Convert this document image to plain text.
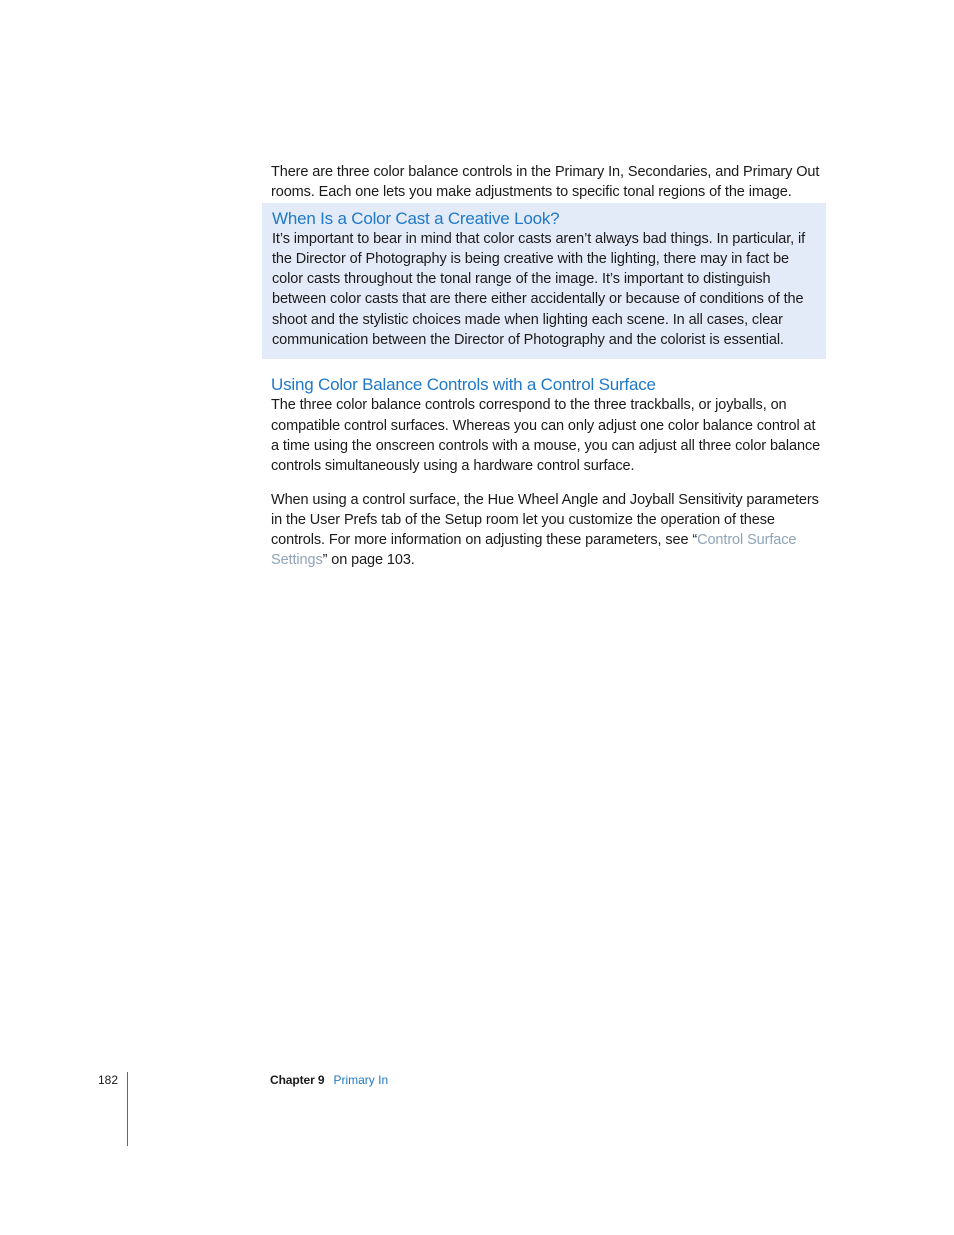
There are three color balance controls in the Primary In, Secondaries, and Primary Out rooms. Each one lets you make adjustments to specific tonal regions of the image.

When Is a Color Cast a Creative Look?

It’s important to bear in mind that color casts aren’t always bad things. In particular, if the Director of Photography is being creative with the lighting, there may in fact be color casts throughout the tonal range of the image. It’s important to distinguish between color casts that are there either accidentally or because of conditions of the shoot and the stylistic choices made when lighting each scene. In all cases, clear communication between the Director of Photography and the colorist is essential.

Using Color Balance Controls with a Control Surface

The three color balance controls correspond to the three trackballs, or joyballs, on compatible control surfaces. Whereas you can only adjust one color balance control at a time using the onscreen controls with a mouse, you can adjust all three color balance controls simultaneously using a hardware control surface.

When using a control surface, the Hue Wheel Angle and Joyball Sensitivity parameters in the User Prefs tab of the Setup room let you customize the operation of these controls. For more information on adjusting these parameters, see “Control Surface Settings” on page 103.

182	Chapter 9 Primary In
